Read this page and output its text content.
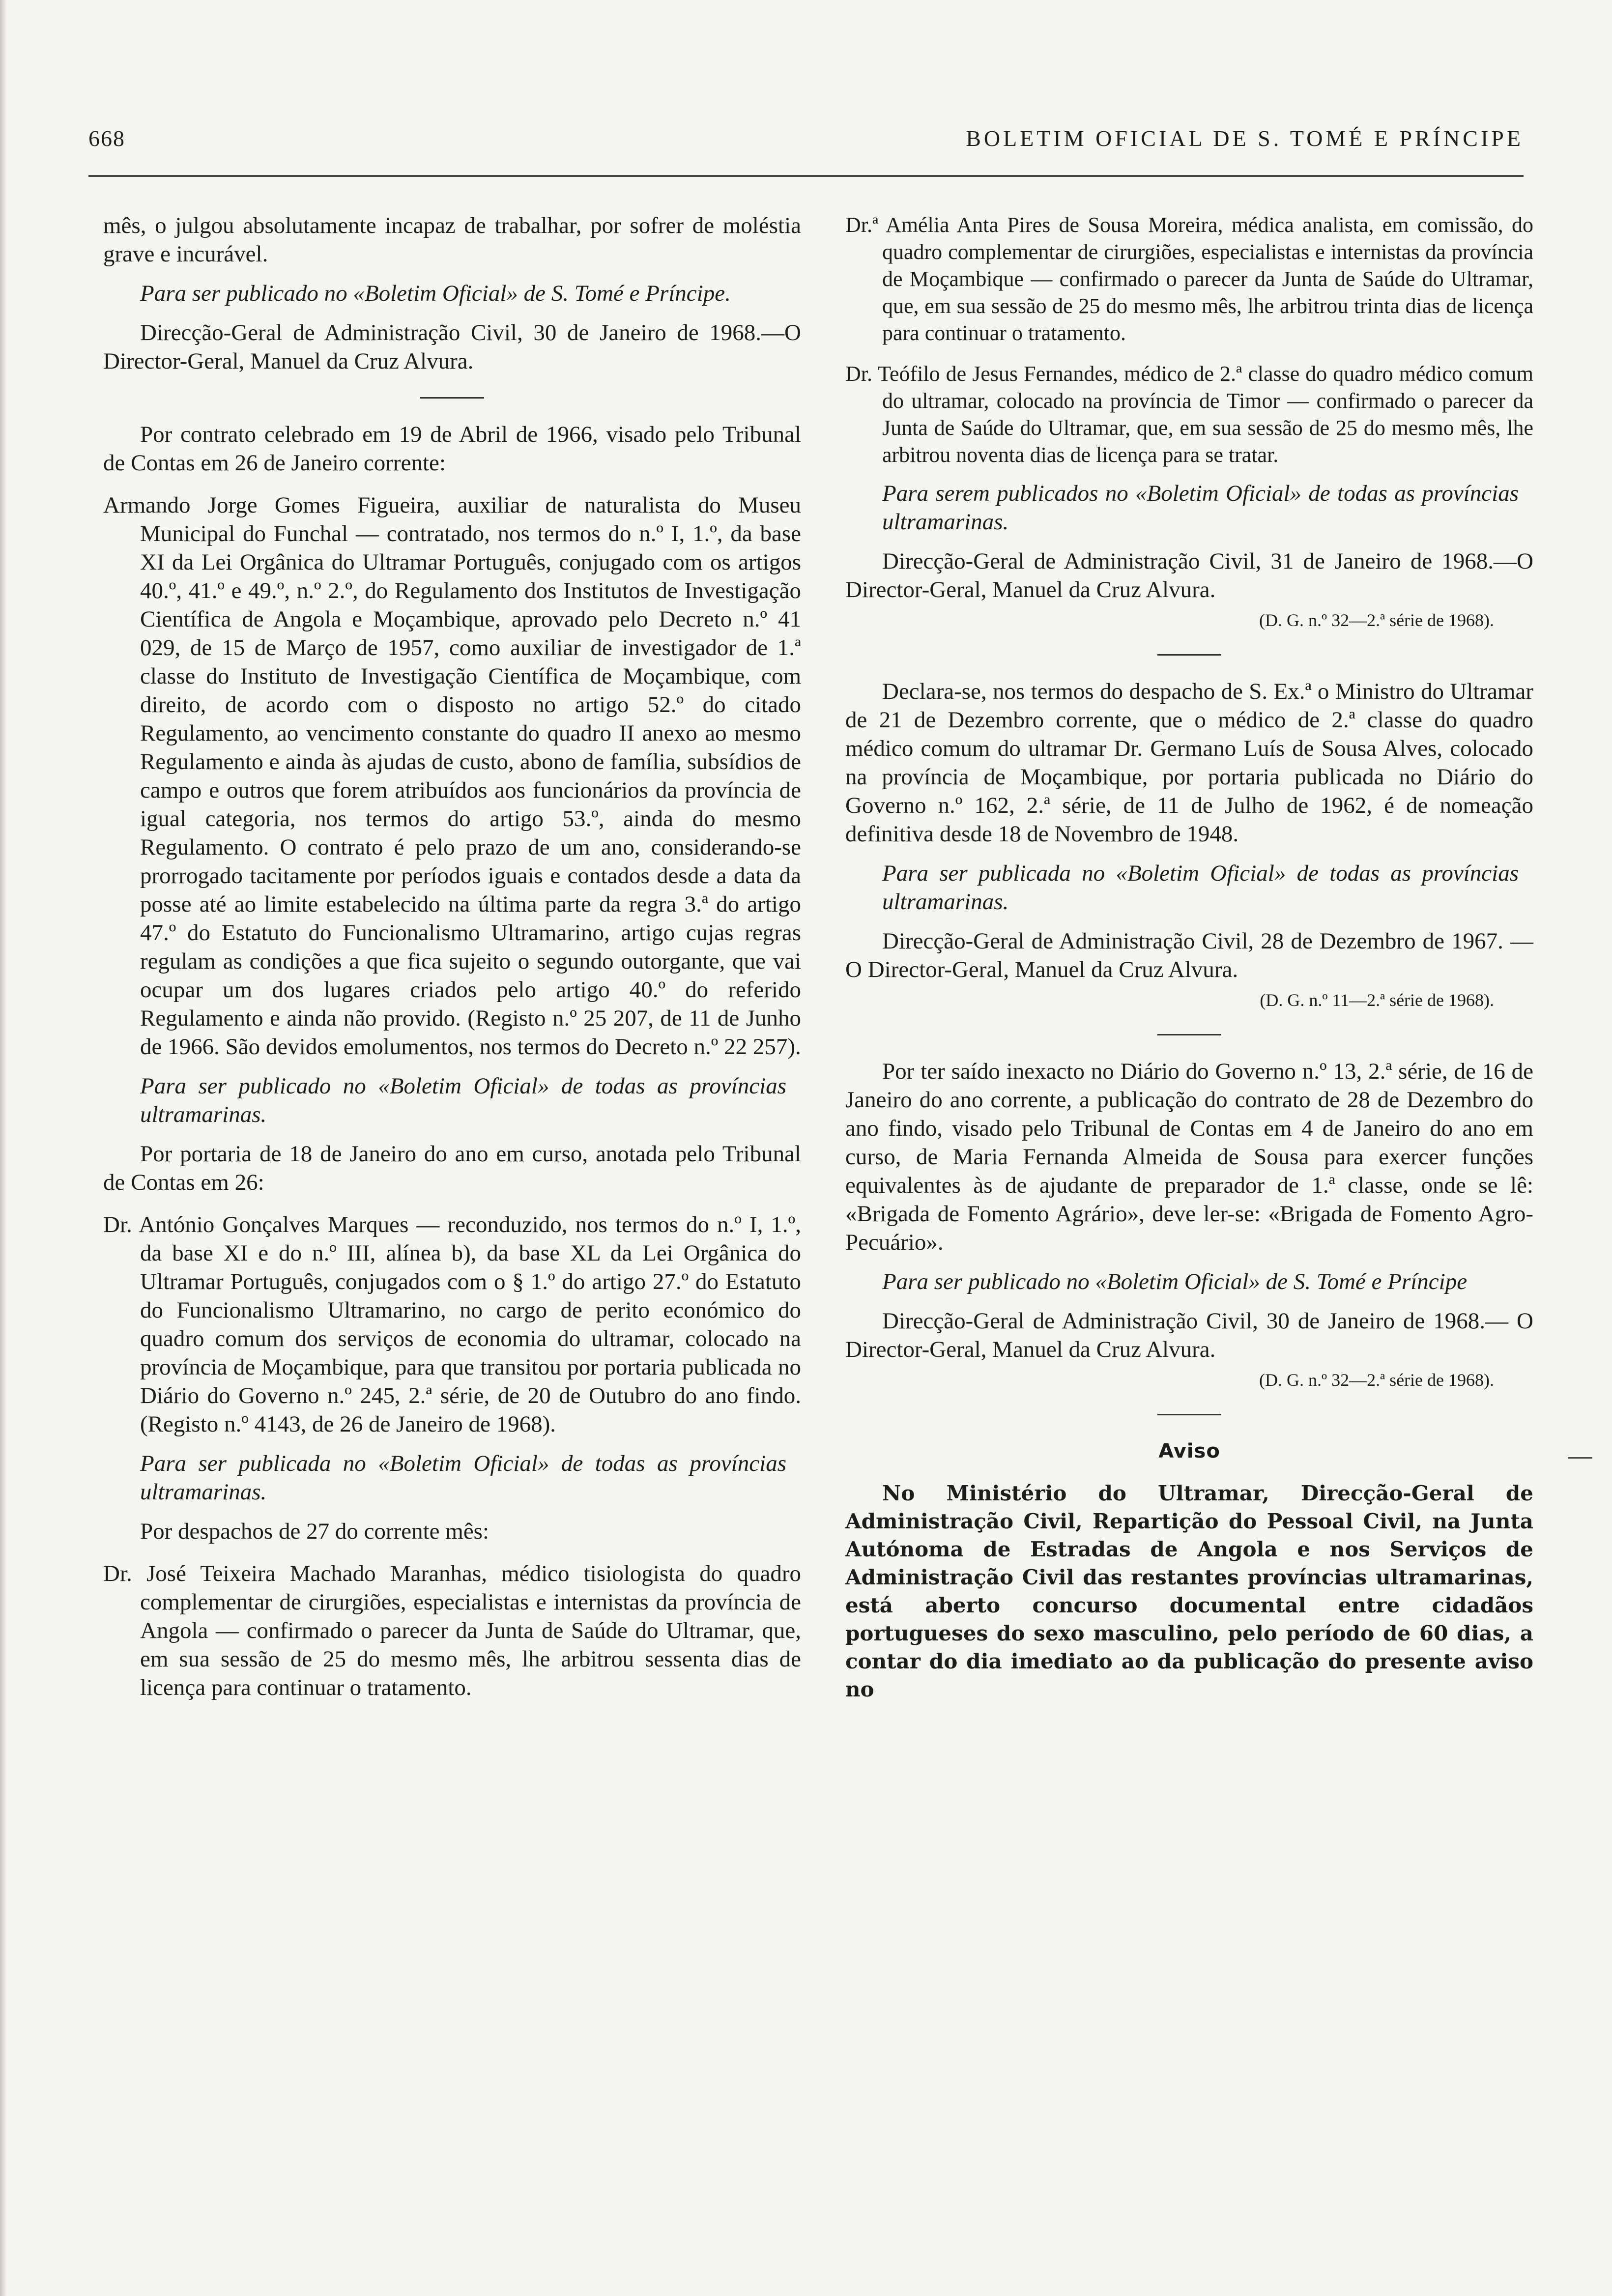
668	BOLETIM OFICIAL DE S. TOMÉ E PRÍNCIPE

mês, o julgou absolutamente incapaz de trabalhar, por sofrer de moléstia grave e incurável.

Para ser publicado no «Boletim Oficial» de S. Tomé e Príncipe.

Direcção-Geral de Administração Civil, 30 de Janeiro de 1968.—O Director-Geral, Manuel da Cruz Alvura.

Por contrato celebrado em 19 de Abril de 1966, visado pelo Tribunal de Contas em 26 de Janeiro corrente:

Armando Jorge Gomes Figueira, auxiliar de naturalista do Museu Municipal do Funchal — contratado, nos termos do n.º I, 1.º, da base XI da Lei Orgânica do Ultramar Português, conjugado com os artigos 40.º, 41.º e 49.º, n.º 2.º, do Regulamento dos Institutos de Investigação Científica de Angola e Moçambique, aprovado pelo Decreto n.º 41 029, de 15 de Março de 1957, como auxiliar de investigador de 1.ª classe do Instituto de Investigação Científica de Moçambique, com direito, de acordo com o disposto no artigo 52.º do citado Regulamento, ao vencimento constante do quadro II anexo ao mesmo Regulamento e ainda às ajudas de custo, abono de família, subsídios de campo e outros que forem atribuídos aos funcionários da província de igual categoria, nos termos do artigo 53.º, ainda do mesmo Regulamento. O contrato é pelo prazo de um ano, considerando-se prorrogado tacitamente por períodos iguais e contados desde a data da posse até ao limite estabelecido na última parte da regra 3.ª do artigo 47.º do Estatuto do Funcionalismo Ultramarino, artigo cujas regras regulam as condições a que fica sujeito o segundo outorgante, que vai ocupar um dos lugares criados pelo artigo 40.º do referido Regulamento e ainda não provido. (Registo n.º 25 207, de 11 de Junho de 1966. São devidos emolumentos, nos termos do Decreto n.º 22 257).

Para ser publicado no «Boletim Oficial» de todas as províncias ultramarinas.

Por portaria de 18 de Janeiro do ano em curso, anotada pelo Tribunal de Contas em 26:

Dr. António Gonçalves Marques — reconduzido, nos termos do n.º I, 1.º, da base XI e do n.º III, alínea b), da base XL da Lei Orgânica do Ultramar Português, conjugados com o § 1.º do artigo 27.º do Estatuto do Funcionalismo Ultramarino, no cargo de perito económico do quadro comum dos serviços de economia do ultramar, colocado na província de Moçambique, para que transitou por portaria publicada no Diário do Governo n.º 245, 2.ª série, de 20 de Outubro do ano findo. (Registo n.º 4143, de 26 de Janeiro de 1968).

Para ser publicada no «Boletim Oficial» de todas as províncias ultramarinas.

Por despachos de 27 do corrente mês:

Dr. José Teixeira Machado Maranhas, médico tisiologista do quadro complementar de cirurgiões, especialistas e internistas da província de Angola — confirmado o parecer da Junta de Saúde do Ultramar, que, em sua sessão de 25 do mesmo mês, lhe arbitrou sessenta dias de licença para continuar o tratamento.

Dr.ª Amélia Anta Pires de Sousa Moreira, médica analista, em comissão, do quadro complementar de cirurgiões, especialistas e internistas da província de Moçambique — confirmado o parecer da Junta de Saúde do Ultramar, que, em sua sessão de 25 do mesmo mês, lhe arbitrou trinta dias de licença para continuar o tratamento.

Dr. Teófilo de Jesus Fernandes, médico de 2.ª classe do quadro médico comum do ultramar, colocado na província de Timor — confirmado o parecer da Junta de Saúde do Ultramar, que, em sua sessão de 25 do mesmo mês, lhe arbitrou noventa dias de licença para se tratar.

Para serem publicados no «Boletim Oficial» de todas as províncias ultramarinas.

Direcção-Geral de Administração Civil, 31 de Janeiro de 1968.—O Director-Geral, Manuel da Cruz Alvura.

(D. G. n.º 32—2.ª série de 1968).

Declara-se, nos termos do despacho de S. Ex.ª o Ministro do Ultramar de 21 de Dezembro corrente, que o médico de 2.ª classe do quadro médico comum do ultramar Dr. Germano Luís de Sousa Alves, colocado na província de Moçambique, por portaria publicada no Diário do Governo n.º 162, 2.ª série, de 11 de Julho de 1962, é de nomeação definitiva desde 18 de Novembro de 1948.

Para ser publicada no «Boletim Oficial» de todas as províncias ultramarinas.

Direcção-Geral de Administração Civil, 28 de Dezembro de 1967. — O Director-Geral, Manuel da Cruz Alvura.

(D. G. n.º 11—2.ª série de 1968).

Por ter saído inexacto no Diário do Governo n.º 13, 2.ª série, de 16 de Janeiro do ano corrente, a publicação do contrato de 28 de Dezembro do ano findo, visado pelo Tribunal de Contas em 4 de Janeiro do ano em curso, de Maria Fernanda Almeida de Sousa para exercer funções equivalentes às de ajudante de preparador de 1.ª classe, onde se lê: «Brigada de Fomento Agrário», deve ler-se: «Brigada de Fomento Agro-Pecuário».

Para ser publicado no «Boletim Oficial» de S. Tomé e Príncipe

Direcção-Geral de Administração Civil, 30 de Janeiro de 1968.— O Director-Geral, Manuel da Cruz Alvura.

(D. G. n.º 32—2.ª série de 1968).

Aviso

No Ministério do Ultramar, Direcção-Geral de Administração Civil, Repartição do Pessoal Civil, na Junta Autónoma de Estradas de Angola e nos Serviços de Administração Civil das restantes províncias ultramarinas, está aberto concurso documental entre cidadãos portugueses do sexo masculino, pelo período de 60 dias, a contar do dia imediato ao da publicação do presente aviso no
